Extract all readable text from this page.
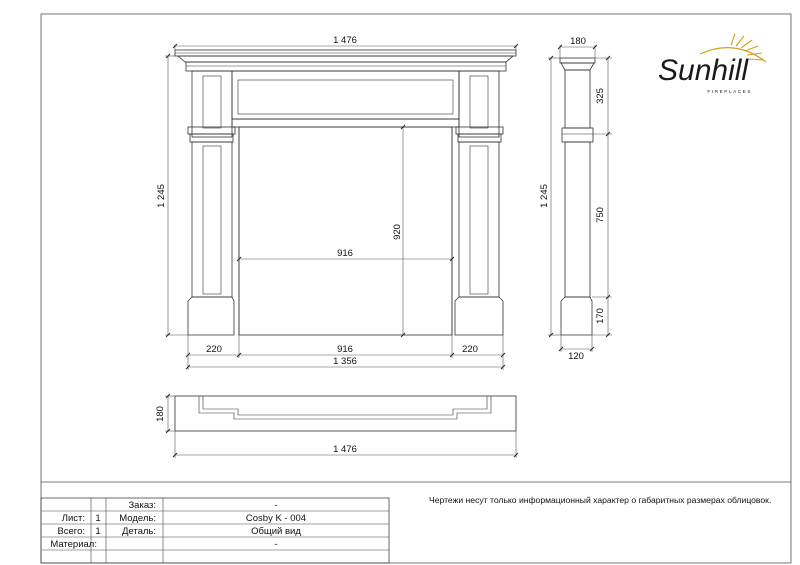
1 476
1 245
916
920
220	916	220
1 356
180
1 245
325
750
170
120
180
1 476
Sunhill
FIREPLACES
Чертежи несут только информационный характер о габаритных размерах облицовок.
Заказ:	-
Лист: 1 Модель:	Cosby K - 004
Всего: 1 Деталь:	Общий вид
Материал:	-
